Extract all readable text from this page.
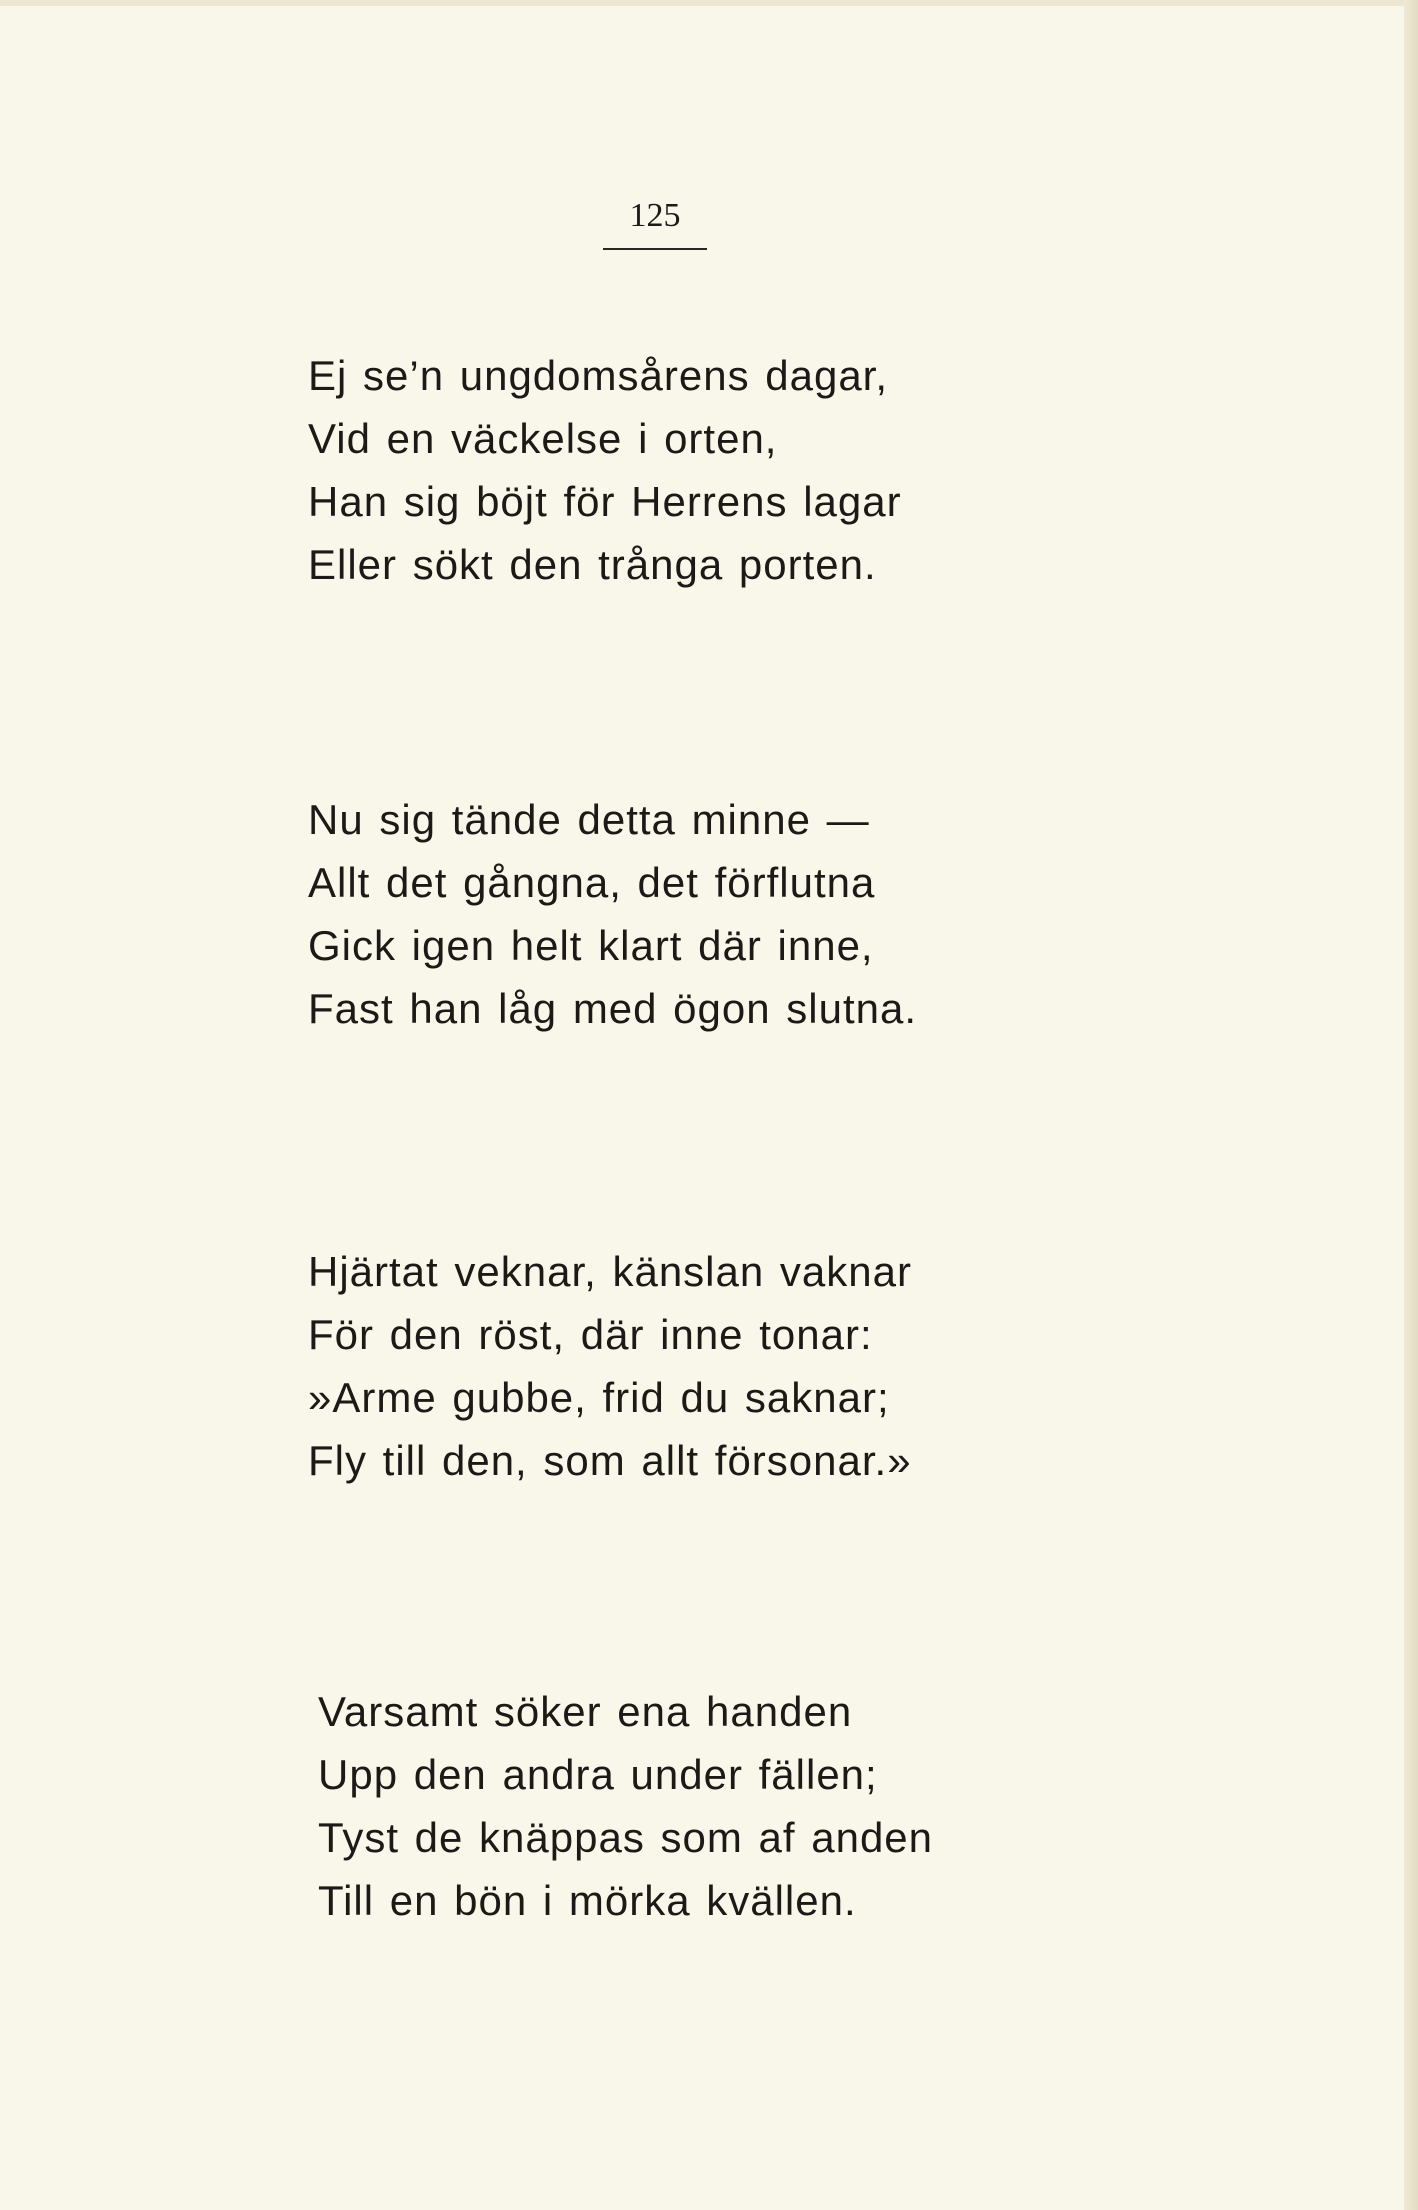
125
Ej se’n ungdomsårens dagar,
Vid en väckelse i orten,
Han sig böjt för Herrens lagar
Eller sökt den trånga porten.
Nu sig tände detta minne —
Allt det gångna, det förflutna
Gick igen helt klart där inne,
Fast han låg med ögon slutna.
Hjärtat veknar, känslan vaknar
För den röst, där inne tonar:
»Arme gubbe, frid du saknar;
Fly till den, som allt försonar.»
Varsamt söker ena handen
Upp den andra under fällen;
Tyst de knäppas som af anden
Till en bön i mörka kvällen.
